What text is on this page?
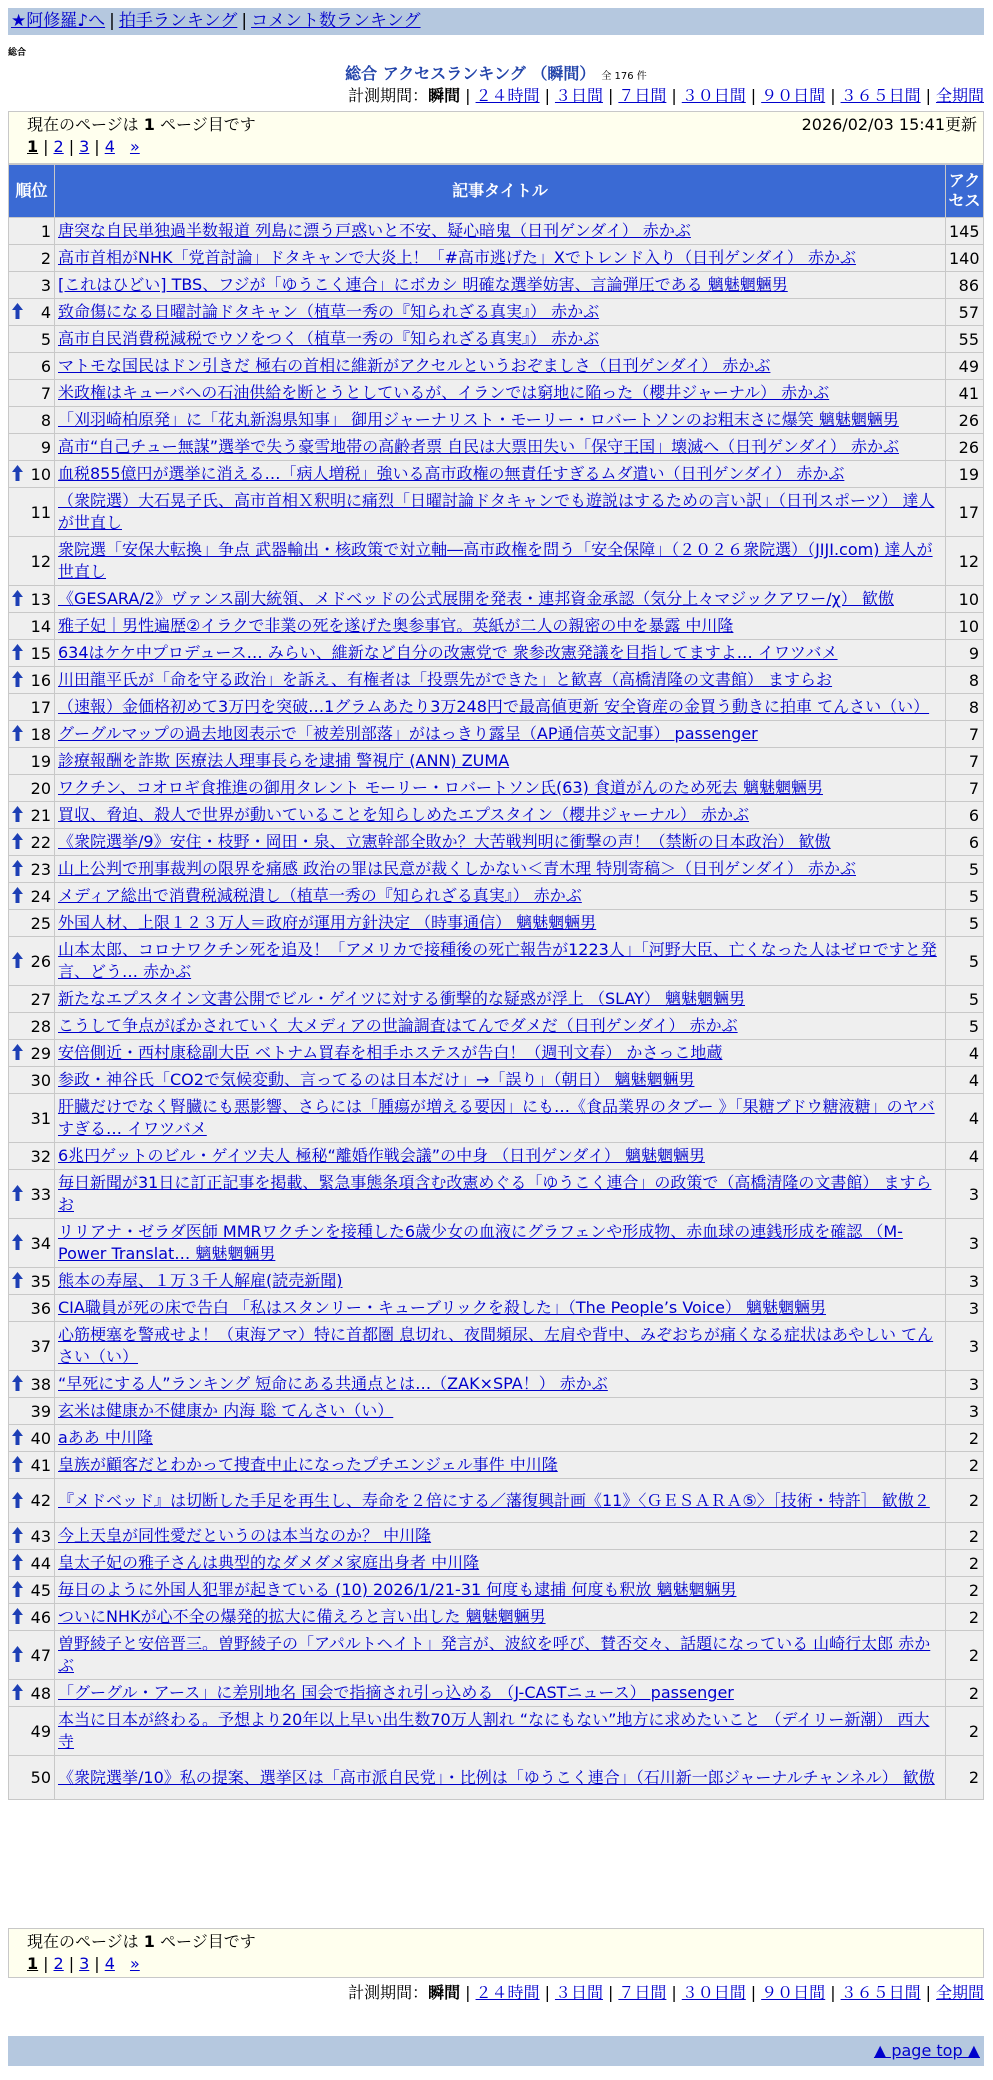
★阿修羅♪へ | 拍手ランキング | コメント数ランキング
総合
総合 アクセスランキング （瞬間） 全 176 件
計測期間：瞬間 | ２４時間 | ３日間 | ７日間 | ３０日間 | ９０日間 | ３６５日間 | 全期間
現在のページは 1 ページ目です	2026/02/03 15:41更新
1 | 2 | 3 | 4 »
順位	記事タイトル	アクセス
1	唐突な自民単独過半数報道 列島に漂う戸惑いと不安、疑心暗鬼（日刊ゲンダイ） 赤かぶ	145
2	高市首相がNHK「党首討論」ドタキャンで大炎上！「#高市逃げた」Xでトレンド入り（日刊ゲンダイ） 赤かぶ	140
3	[これはひどい] TBS、フジが「ゆうこく連合」にボカシ 明確な選挙妨害、言論弾圧である 魑魅魍魎男	86

4	致命傷になる日曜討論ドタキャン（植草一秀の『知られざる真実』） 赤かぶ	57
5	高市自民消費税減税でウソをつく（植草一秀の『知られざる真実』） 赤かぶ	55
6	マトモな国民はドン引きだ 極右の首相に維新がアクセルというおぞましさ（日刊ゲンダイ） 赤かぶ	49
7	米政権はキューバへの石油供給を断とうとしているが、イランでは窮地に陥った（櫻井ジャーナル） 赤かぶ	41
8	「刈羽崎柏原発」に「花丸新潟県知事」 御用ジャーナリスト・モーリー・ロバートソンのお粗末さに爆笑 魑魅魍魎男	26
9	高市“自己チュー無謀”選挙で失う豪雪地帯の高齢者票 自民は大票田失い「保守王国」壊滅へ（日刊ゲンダイ） 赤かぶ	26

10	血税855億円が選挙に消える…「病人増税」強いる高市政権の無責任すぎるムダ遣い（日刊ゲンダイ） 赤かぶ	19
11	（衆院選）大石晃子氏、高市首相Ｘ釈明に痛烈「日曜討論ドタキャンでも遊説はするための言い訳」（日刊スポーツ） 達人が世直し	17
12	衆院選「安保大転換」争点 武器輸出・核政策で対立軸―高市政権を問う「安全保障」（２０２６衆院選）（JIJI.com) 達人が世直し	12

13	《GESARA/2》ヴァンス副大統領、メドベッドの公式展開を発表・連邦資金承認（気分上々マジックアワー/χ） 歓傲	10
14	雅子妃｜男性遍歴②イラクで非業の死を遂げた奥参事官。英紙が二人の親密の中を暴露 中川隆	10

15	634はケケ中プロデュース… みらい、維新など自分の改憲党で 衆参改憲発議を目指してますよ… イワツバメ	9

16	川田龍平氏が「命を守る政治」を訴え、有権者は「投票先ができた」と歓喜（高橋清隆の文書館） ますらお	8
17	（速報）金価格初めて3万円を突破…1グラムあたり3万248円で最高値更新 安全資産の金買う動きに拍車 てんさい（い）	8

18	グーグルマップの過去地図表示で「被差別部落」がはっきり露呈（AP通信英文記事） passenger	7
19	診療報酬を詐欺 医療法人理事長らを逮捕 警視庁 (ANN) ZUMA	7
20	ワクチン、コオロギ食推進の御用タレント モーリー・ロバートソン氏(63) 食道がんのため死去 魑魅魍魎男	7

21	買収、脅迫、殺人で世界が動いていることを知らしめたエプスタイン（櫻井ジャーナル） 赤かぶ	6

22	《衆院選挙/9》安住・枝野・岡田・泉、立憲幹部全敗か？大苦戦判明に衝撃の声！（禁断の日本政治） 歓傲	6

23	山上公判で刑事裁判の限界を痛感 政治の罪は民意が裁くしかない＜青木理 特別寄稿＞（日刊ゲンダイ） 赤かぶ	5

24	メディア総出で消費税減税潰し（植草一秀の『知られざる真実』） 赤かぶ	5
25	外国人材、上限１２３万人＝政府が運用方針決定 （時事通信） 魑魅魍魎男	5

26	山本太郎、コロナワクチン死を追及！「アメリカで接種後の死亡報告が1223人」「河野大臣、亡くなった人はゼロですと発言、どう… 赤かぶ	5
27	新たなエプスタイン文書公開でビル・ゲイツに対する衝撃的な疑惑が浮上 （SLAY） 魑魅魍魎男	5
28	こうして争点がぼかされていく 大メディアの世論調査はてんでダメだ（日刊ゲンダイ） 赤かぶ	5

29	安倍側近・西村康稔副大臣 ベトナム買春を相手ホステスが告白！（週刊文春） かさっこ地蔵	4
30	参政・神谷氏「CO2で気候変動、言ってるのは日本だけ」→「誤り」（朝日） 魑魅魍魎男	4
31	肝臓だけでなく腎臓にも悪影響、さらには「腫瘍が増える要因」にも…《食品業界のタブー 》「果糖ブドウ糖液糖」のヤバすぎる… イワツバメ	4
32	6兆円ゲットのビル・ゲイツ夫人 極秘“離婚作戦会議”の中身 （日刊ゲンダイ） 魑魅魍魎男	4

33	毎日新聞が31日に訂正記事を掲載、緊急事態条項含む改憲めぐる「ゆうこく連合」の政策で（高橋清隆の文書館） ますらお	3

34	リリアナ・ゼラダ医師 MMRワクチンを接種した6歳少女の血液にグラフェンや形成物、赤血球の連銭形成を確認 （M-Power Translat… 魑魅魍魎男	3

35	熊本の寿屋、１万３千人解雇(読売新聞)	3
36	CIA職員が死の床で告白 「私はスタンリー・キューブリックを殺した」（The People’s Voice） 魑魅魍魎男	3
37	心筋梗塞を警戒せよ！（東海アマ）特に首都圏 息切れ、夜間頻尿、左肩や背中、みぞおちが痛くなる症状はあやしい てんさい（い）	3

38	“早死にする人”ランキング 短命にある共通点とは…（ZAK×SPA！） 赤かぶ	3
39	玄米は健康か不健康か 内海 聡 てんさい（い）	3

40	aああ 中川隆	2

41	皇族が顧客だとわかって捜査中止になったプチエンジェル事件 中川隆	2

42	『メドベッド』は切断した手足を再生し、寿命を２倍にする／藩復興計画《11》〈ＧＥＳＡＲＡ⑤〉［技術・特許］ 歓傲２	2

43	今上天皇が同性愛だというのは本当なのか？ 中川隆	2

44	皇太子妃の雅子さんは典型的なダメダメ家庭出身者 中川隆	2

45	毎日のように外国人犯罪が起きている (10) 2026/1/21-31 何度も逮捕 何度も釈放 魑魅魍魎男	2

46	ついにNHKが心不全の爆発的拡大に備えろと言い出した 魑魅魍魎男	2

47	曽野綾子と安倍晋三。曽野綾子の「アパルトヘイト」発言が、波紋を呼び、賛否交々、話題になっている 山崎行太郎 赤かぶ	2

48	「グーグル・アース」に差別地名 国会で指摘され引っ込める （J-CASTニュース） passenger	2
49	本当に日本が終わる。予想より20年以上早い出生数70万人割れ “なにもない”地方に求めたいこと （デイリー新潮） 西大寺	2
50	《衆院選挙/10》私の提案、選挙区は「高市派自民党」・比例は「ゆうこく連合」（石川新一郎ジャーナルチャンネル） 歓傲	2
現在のページは 1 ページ目です
1 | 2 | 3 | 4 »
計測期間：瞬間 | ２４時間 | ３日間 | ７日間 | ３０日間 | ９０日間 | ３６５日間 | 全期間
▲ page top ▲
